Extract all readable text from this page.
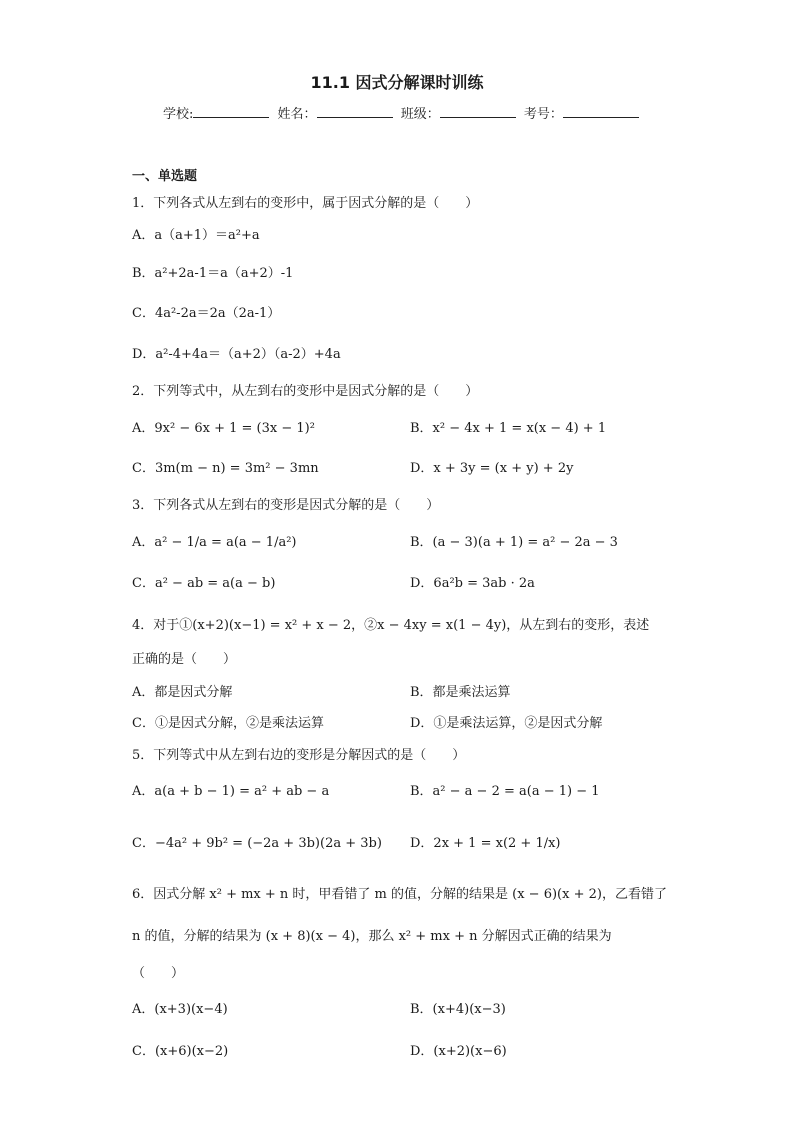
11.1 因式分解课时训练
学校:	姓名：	班级：	考号：
一、单选题
1．下列各式从左到右的变形中，属于因式分解的是（　　）
A．a（a+1）＝a²+a
B．a²+2a-1＝a（a+2）-1
C．4a²-2a＝2a（2a-1）
D．a²-4+4a＝（a+2）（a-2）+4a
2．下列等式中，从左到右的变形中是因式分解的是（　　）
A．9x² − 6x + 1 = (3x − 1)²	B．x² − 4x + 1 = x(x − 4) + 1
C．3m(m − n) = 3m² − 3mn	D．x + 3y = (x + y) + 2y
3．下列各式从左到右的变形是因式分解的是（　　）
A．a² − 1/a = a(a − 1/a²)	B．(a − 3)(a + 1) = a² − 2a − 3
C．a² − ab = a(a − b)	D．6a²b = 3ab · 2a
4．对于①(x+2)(x−1) = x² + x − 2，②x − 4xy = x(1 − 4y)，从左到右的变形，表述
正确的是（　　）
A．都是因式分解	B．都是乘法运算
C．①是因式分解，②是乘法运算	D．①是乘法运算，②是因式分解
5．下列等式中从左到右边的变形是分解因式的是（　　）
A．a(a + b − 1) = a² + ab − a	B．a² − a − 2 = a(a − 1) − 1
C．−4a² + 9b² = (−2a + 3b)(2a + 3b) D．2x + 1 = x(2 + 1/x)
6．因式分解 x² + mx + n 时，甲看错了 m 的值，分解的结果是 (x − 6)(x + 2)，乙看错了
n 的值，分解的结果为 (x + 8)(x − 4)，那么 x² + mx + n 分解因式正确的结果为
（　　）
A．(x+3)(x−4)	B．(x+4)(x−3)
C．(x+6)(x−2)	D．(x+2)(x−6)
